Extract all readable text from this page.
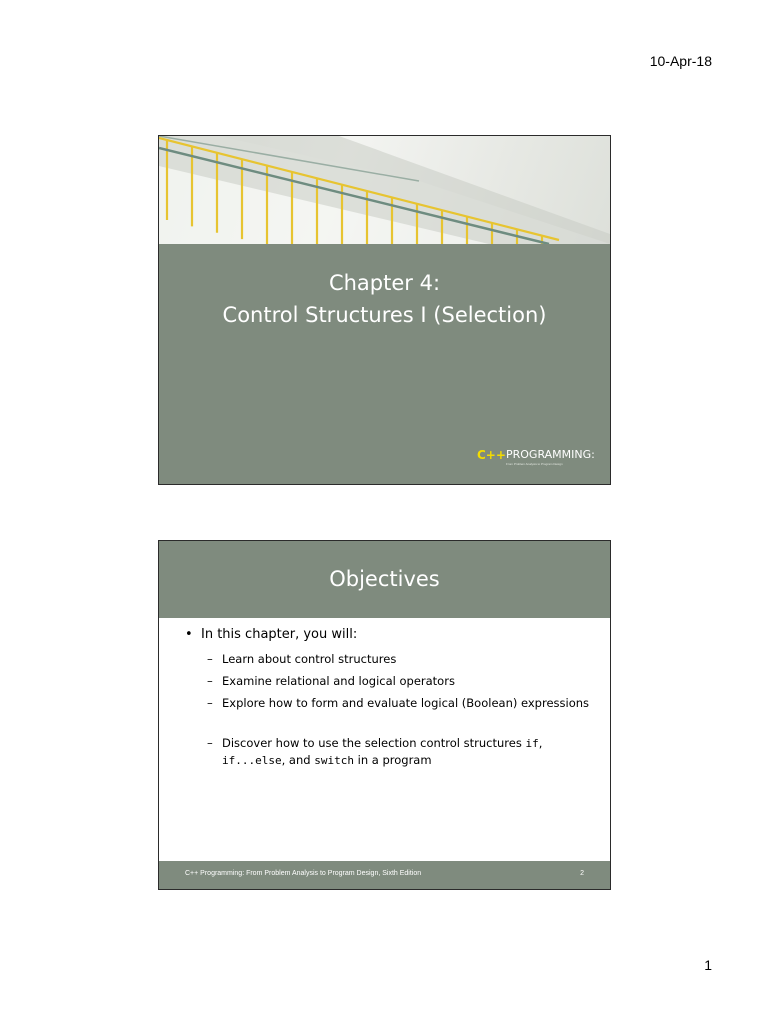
10-Apr-18
Chapter 4:
Control Structures I (Selection)
C++ PROGRAMMING:
From Problem Analysis to Program Design
Objectives
• In this chapter, you will:
– Learn about control structures
– Examine relational and logical operators
– Explore how to form and evaluate logical (Boolean) expressions
– Discover how to use the selection control structures if, if...else, and switch in a program
C++ Programming: From Problem Analysis to Program Design, Sixth Edition	2
1
